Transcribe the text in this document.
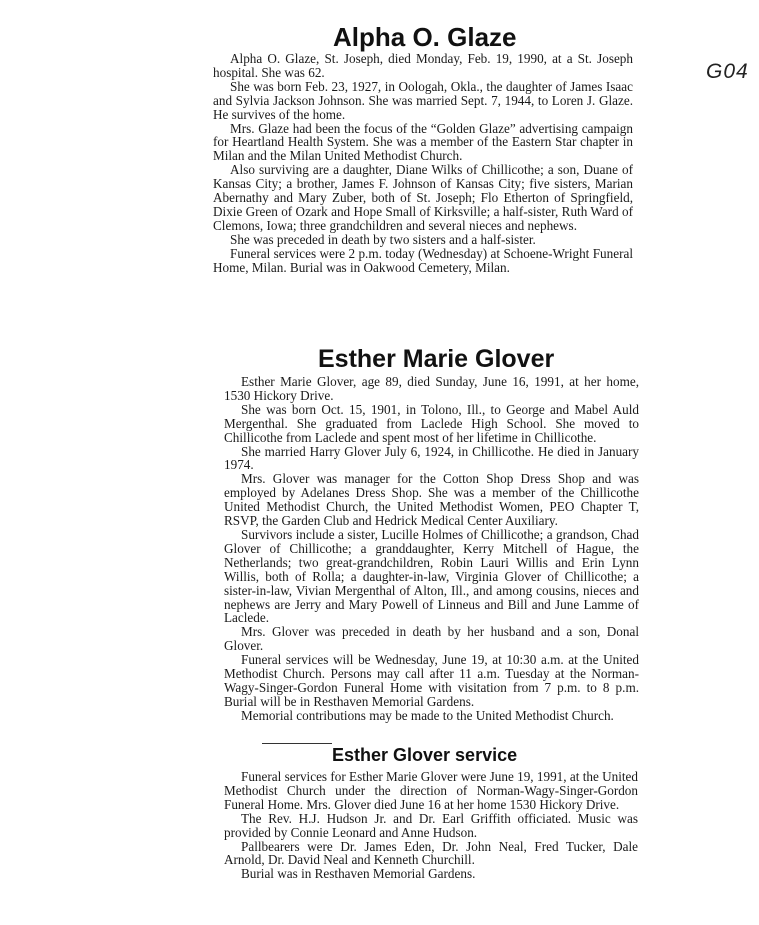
G04
Alpha O. Glaze

Alpha O. Glaze, St. Joseph, died Monday, Feb. 19, 1990, at a St. Joseph hospital. She was 62.

She was born Feb. 23, 1927, in Oologah, Okla., the daughter of James Isaac and Sylvia Jackson Johnson. She was married Sept. 7, 1944, to Loren J. Glaze. He survives of the home.

Mrs. Glaze had been the focus of the “Golden Glaze” advertising campaign for Heartland Health System. She was a member of the Eastern Star chapter in Milan and the Milan United Methodist Church.

Also surviving are a daughter, Diane Wilks of Chillicothe; a son, Duane of Kansas City; a brother, James F. Johnson of Kansas City; five sisters, Marian Abernathy and Mary Zuber, both of St. Joseph; Flo Etherton of Springfield, Dixie Green of Ozark and Hope Small of Kirksville; a half-sister, Ruth Ward of Clemons, Iowa; three grandchildren and several nieces and nephews.

She was preceded in death by two sisters and a half-sister.

Funeral services were 2 p.m. today (Wednesday) at Schoene-Wright Funeral Home, Milan. Burial was in Oakwood Cemetery, Milan.

Esther Marie Glover

Esther Marie Glover, age 89, died Sunday, June 16, 1991, at her home, 1530 Hickory Drive.

She was born Oct. 15, 1901, in Tolono, Ill., to George and Mabel Auld Mergenthal. She graduated from Laclede High School. She moved to Chillicothe from Laclede and spent most of her lifetime in Chillicothe.

She married Harry Glover July 6, 1924, in Chillicothe. He died in January 1974.

Mrs. Glover was manager for the Cotton Shop Dress Shop and was employed by Adelanes Dress Shop. She was a member of the Chillicothe United Methodist Church, the United Methodist Women, PEO Chapter T, RSVP, the Garden Club and Hedrick Medical Center Auxiliary.

Survivors include a sister, Lucille Holmes of Chillicothe; a grandson, Chad Glover of Chillicothe; a granddaughter, Kerry Mitchell of Hague, the Netherlands; two great-grandchildren, Robin Lauri Willis and Erin Lynn Willis, both of Rolla; a daughter-in-law, Virginia Glover of Chillicothe; a sister-in-law, Vivian Mergenthal of Alton, Ill., and among cousins, nieces and nephews are Jerry and Mary Powell of Linneus and Bill and June Lamme of Laclede.

Mrs. Glover was preceded in death by her husband and a son, Donal Glover.

Funeral services will be Wednesday, June 19, at 10:30 a.m. at the United Methodist Church. Persons may call after 11 a.m. Tuesday at the Norman-Wagy-Singer-Gordon Funeral Home with visitation from 7 p.m. to 8 p.m. Burial will be in Resthaven Memorial Gardens.

Memorial contributions may be made to the United Methodist Church.

Esther Glover service

Funeral services for Esther Marie Glover were June 19, 1991, at the United Methodist Church under the direction of Norman-Wagy-Singer-Gordon Funeral Home. Mrs. Glover died June 16 at her home 1530 Hickory Drive.

The Rev. H.J. Hudson Jr. and Dr. Earl Griffith officiated. Music was provided by Connie Leonard and Anne Hudson.

Pallbearers were Dr. James Eden, Dr. John Neal, Fred Tucker, Dale Arnold, Dr. David Neal and Kenneth Churchill.

Burial was in Resthaven Memorial Gardens.
